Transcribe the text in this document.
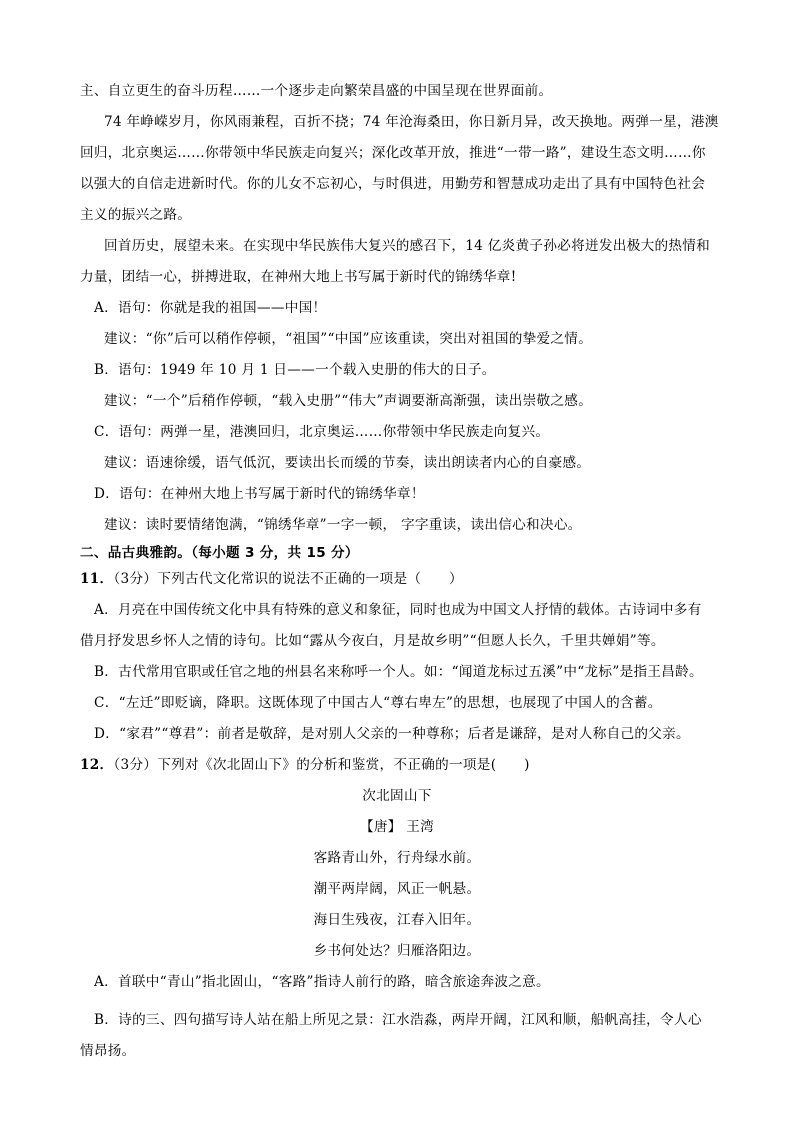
主、自立更生的奋斗历程……一个逐步走向繁荣昌盛的中国呈现在世界面前。
74 年峥嵘岁月，你风雨兼程，百折不挠；74 年沧海桑田，你日新月异，改天换地。两弹一星，港澳
回归，北京奥运……你带领中华民族走向复兴；深化改革开放，推进“一带一路”，建设生态文明……你
以强大的自信走进新时代。你的儿女不忘初心，与时俱进，用勤劳和智慧成功走出了具有中国特色社会
主义的振兴之路。
回首历史，展望未来。在实现中华民族伟大复兴的感召下，14 亿炎黄子孙必将迸发出极大的热情和
力量，团结一心，拼搏进取，在神州大地上书写属于新时代的锦绣华章!
A．语句：你就是我的祖国——中国！
建议：“你”后可以稍作停顿，“祖国”“中国”应该重读，突出对祖国的挚爱之情。
B．语句：1949 年 10 月 1 日——一个载入史册的伟大的日子。
建议：“一个”后稍作停顿，“载入史册”“伟大”声调要渐高渐强，读出崇敬之感。
C．语句：两弹一星，港澳回归，北京奥运……你带领中华民族走向复兴。
建议：语速徐缓，语气低沉，要读出长而缓的节奏，读出朗读者内心的自豪感。
D．语句：在神州大地上书写属于新时代的锦绣华章！
建议：读时要情绪饱满，“锦绣华章”一字一顿， 字字重读，读出信心和决心。
二、品古典雅韵。（每小题 3 分，共 15 分）
11．（3分）下列古代文化常识的说法不正确的一项是（　　）
A．月亮在中国传统文化中具有特殊的意义和象征，同时也成为中国文人抒情的载体。古诗词中多有
借月抒发思乡怀人之情的诗句。比如“露从今夜白，月是故乡明”“但愿人长久，千里共婵娟”等。
B．古代常用官职或任官之地的州县名来称呼一个人。如：“闻道龙标过五溪”中“龙标”是指王昌龄。
C．“左迁”即贬谪，降职。这既体现了中国古人“尊右卑左”的思想，也展现了中国人的含蓄。
D．“家君”“尊君”：前者是敬辞，是对别人父亲的一种尊称；后者是谦辞，是对人称自己的父亲。
12．（3分）下列对《次北固山下》的分析和鉴赏，不正确的一项是(　　)
次北固山下
【唐】 王湾
客路青山外，行舟绿水前。
潮平两岸阔，风正一帆悬。
海日生残夜，江春入旧年。
乡书何处达？归雁洛阳边。
A．首联中“青山”指北固山，“客路”指诗人前行的路，暗含旅途奔波之意。
B．诗的三、四句描写诗人站在船上所见之景：江水浩淼，两岸开阔，江风和顺，船帆高挂，令人心
情昂扬。
